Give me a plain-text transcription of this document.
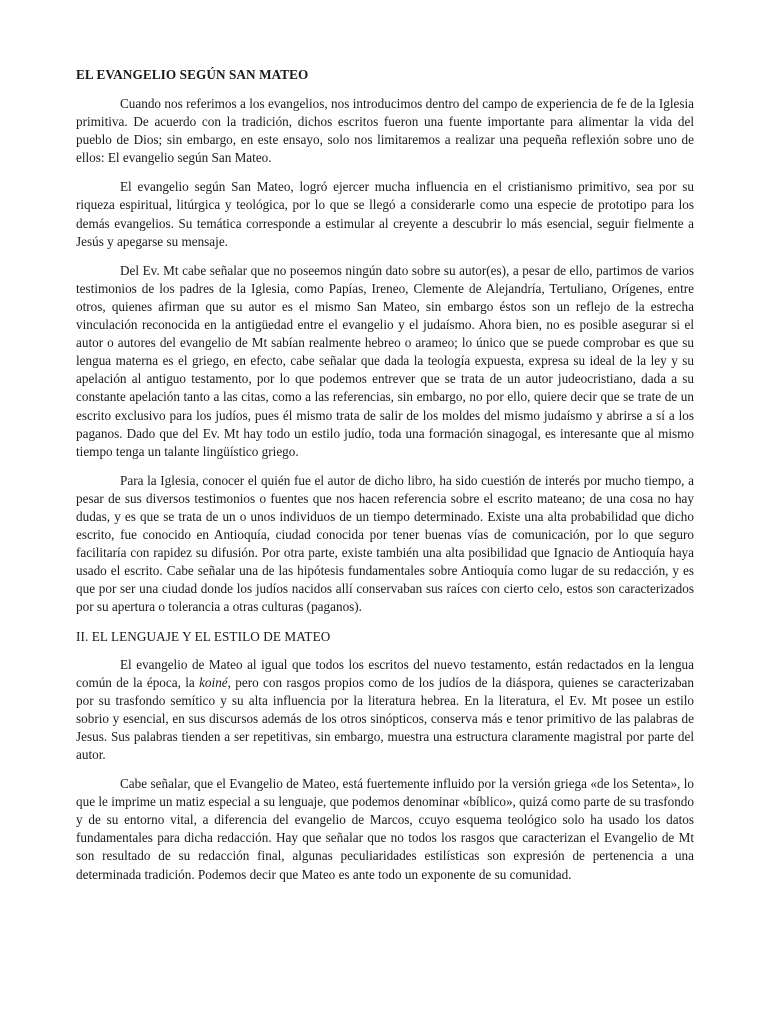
EL EVANGELIO SEGÚN SAN MATEO

Cuando nos referimos a los evangelios, nos introducimos dentro del campo de experiencia de fe de la Iglesia primitiva. De acuerdo con la tradición, dichos escritos fueron una fuente importante para alimentar la vida del pueblo de Dios; sin embargo, en este ensayo, solo nos limitaremos a realizar una pequeña reflexión sobre uno de ellos: El evangelio según San Mateo.

El evangelio según San Mateo, logró ejercer mucha influencia en el cristianismo primitivo, sea por su riqueza espiritual, litúrgica y teológica, por lo que se llegó a considerarle como una especie de prototipo para los demás evangelios. Su temática corresponde a estimular al creyente a descubrir lo más esencial, seguir fielmente a Jesús y apegarse su mensaje.

Del Ev. Mt cabe señalar que no poseemos ningún dato sobre su autor(es), a pesar de ello, partimos de varios testimonios de los padres de la Iglesia, como Papías, Ireneo, Clemente de Alejandría, Tertuliano, Orígenes, entre otros, quienes afirman que su autor es el mismo San Mateo, sin embargo éstos son un reflejo de la estrecha vinculación reconocida en la antigüedad entre el evangelio y el judaísmo. Ahora bien, no es posible asegurar si el autor o autores del evangelio de Mt sabían realmente hebreo o arameo; lo único que se puede comprobar es que su lengua materna es el griego, en efecto, cabe señalar que dada la teología expuesta, expresa su ideal de la ley y su apelación al antiguo testamento, por lo que podemos entrever que se trata de un autor judeocristiano, dada a su constante apelación tanto a las citas, como a las referencias, sin embargo, no por ello, quiere decir que se trate de un escrito exclusivo para los judíos, pues él mismo trata de salir de los moldes del mismo judaísmo y abrirse a sí a los paganos. Dado que del Ev. Mt hay todo un estilo judío, toda una formación sinagogal, es interesante que al mismo tiempo tenga un talante lingüístico griego.

Para la Iglesia, conocer el quién fue el autor de dicho libro, ha sido cuestión de interés por mucho tiempo, a pesar de sus diversos testimonios o fuentes que nos hacen referencia sobre el escrito mateano; de una cosa no hay dudas, y es que se trata de un o unos individuos de un tiempo determinado. Existe una alta probabilidad que dicho escrito, fue conocido en Antioquía, ciudad conocida por tener buenas vías de comunicación, por lo que seguro facilitaría con rapidez su difusión. Por otra parte, existe también una alta posibilidad que Ignacio de Antioquía haya usado el escrito. Cabe señalar una de las hipótesis fundamentales sobre Antioquía como lugar de su redacción, y es que por ser una ciudad donde los judíos nacidos allí conservaban sus raíces con cierto celo, estos son caracterizados por su apertura o tolerancia a otras culturas (paganos).

II. EL LENGUAJE Y EL ESTILO DE MATEO

El evangelio de Mateo al igual que todos los escritos del nuevo testamento, están redactados en la lengua común de la época, la koiné, pero con rasgos propios como de los judíos de la diáspora, quienes se caracterizaban por su trasfondo semítico y su alta influencia por la literatura hebrea. En la literatura, el Ev. Mt posee un estilo sobrio y esencial, en sus discursos además de los otros sinópticos, conserva más e tenor primitivo de las palabras de Jesus. Sus palabras tienden a ser repetitivas, sin embargo, muestra una estructura claramente magistral por parte del autor.

Cabe señalar, que el Evangelio de Mateo, está fuertemente influido por la versión griega «de los Setenta», lo que le imprime un matiz especial a su lenguaje, que podemos denominar «bíblico», quizá como parte de su trasfondo y de su entorno vital, a diferencia del evangelio de Marcos, ccuyo esquema teológico solo ha usado los datos fundamentales para dicha redacción. Hay que señalar que no todos los rasgos que caracterizan el Evangelio de Mt son resultado de su redacción final, algunas peculiaridades estilísticas son expresión de pertenencia a una determinada tradición. Podemos decir que Mateo es ante todo un exponente de su comunidad.
